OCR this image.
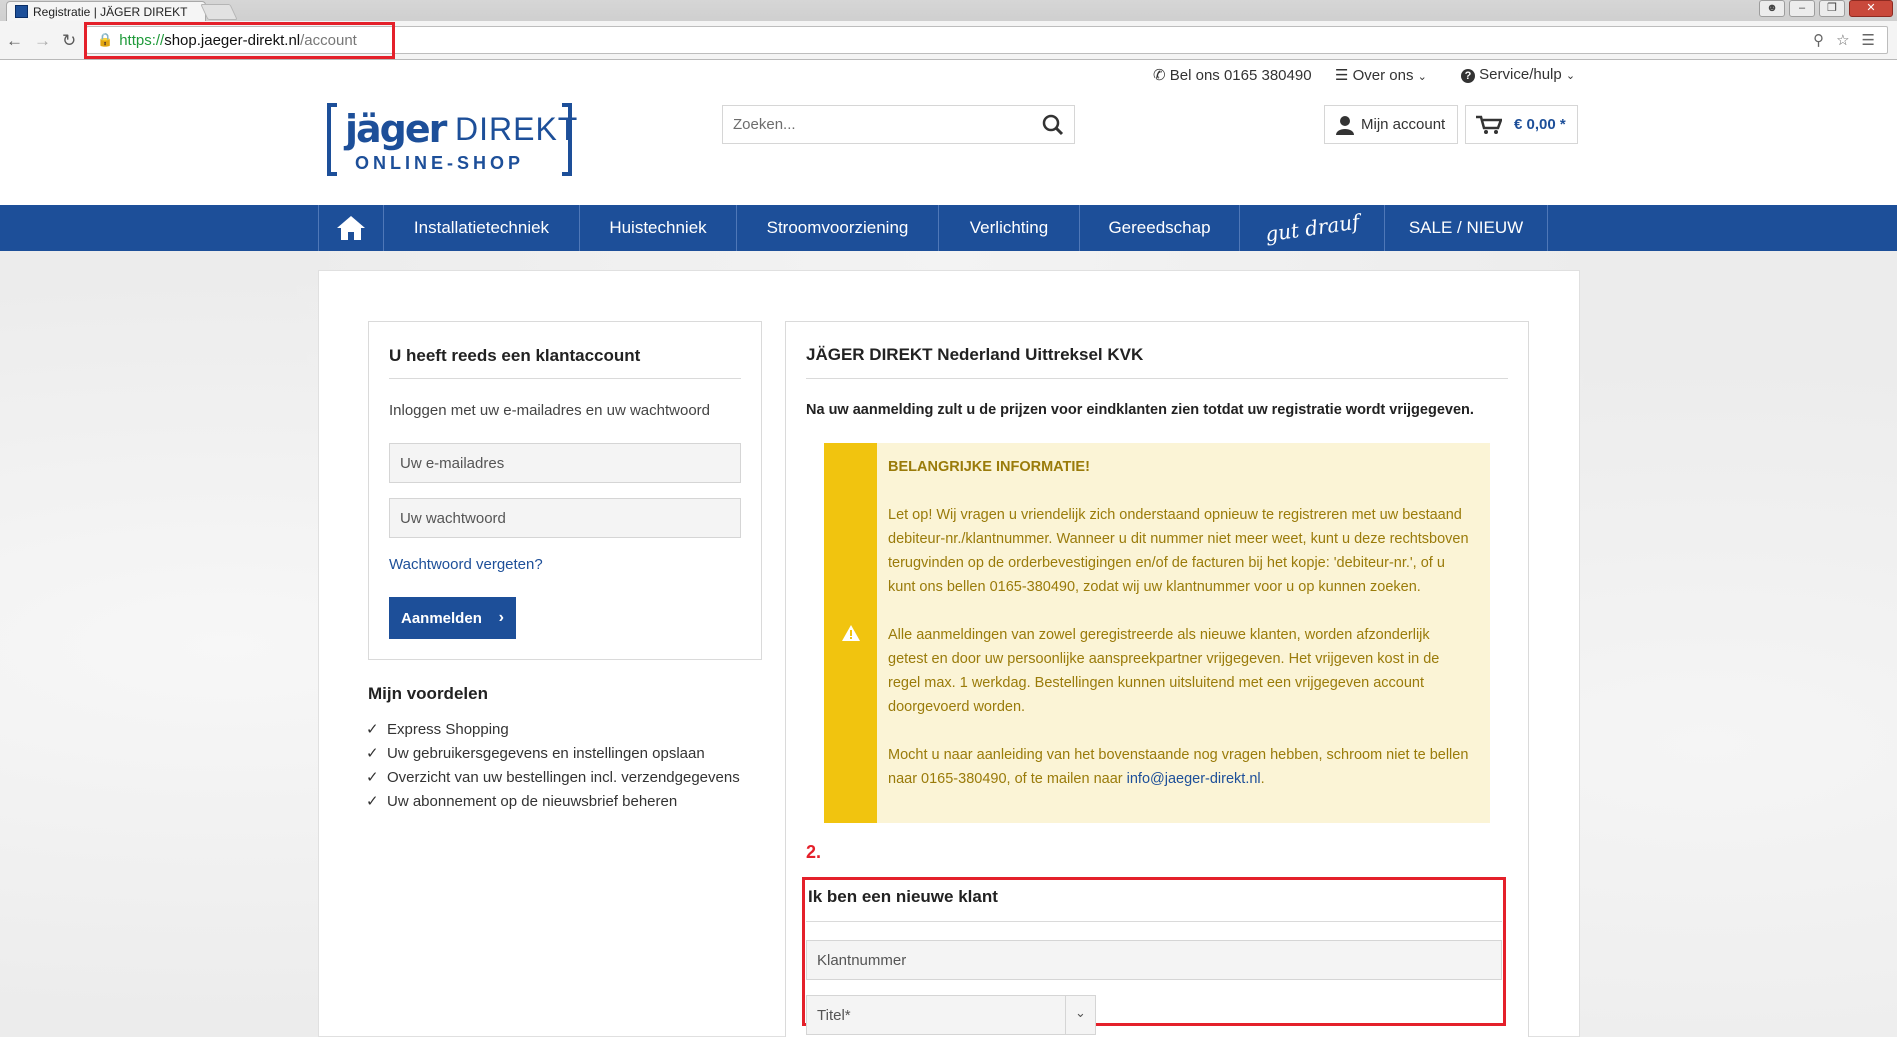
Registratie | JÄGER DIREKT	☻	–	❐	✕
← → ↻ 🔒 https:// shop.jaeger-direkt.nl /account	⚲ ☆ ☰
jäger DIREKT
ONLINE-SHOP
✆ Bel ons 0165 380490 ☰ Over ons ⌄	? Service/hulp ⌄
Zoeken...
Mijn account	€ 0,00 *
Installatietechniek	Huistechniek	Stroomvoorziening	Verlichting	Gereedschap	gut drauf	SALE / NIEUW
U heeft reeds een klantaccount
Inloggen met uw e-mailadres en uw wachtwoord
Uw e-mailadres
Uw wachtwoord
Wachtwoord vergeten?
Aanmelden ›
Mijn voordelen
✓ Express Shopping
✓ Uw gebruikersgegevens en instellingen opslaan
✓ Overzicht van uw bestellingen incl. verzendgegevens
✓ Uw abonnement op de nieuwsbrief beheren
JÄGER DIREKT Nederland Uittreksel KVK
Na uw aanmelding zult u de prijzen voor eindklanten zien totdat uw registratie wordt vrijgegeven.

BELANGRIJKE INFORMATIE!

Let op! Wij vragen u vriendelijk zich onderstaand opnieuw te registreren met uw bestaand debiteur-nr./klantnummer. Wanneer u dit nummer niet meer weet, kunt u deze rechtsboven terugvinden op de orderbevestigingen en/of de facturen bij het kopje: 'debiteur-nr.', of u kunt ons bellen 0165-380490, zodat wij uw klantnummer voor u op kunnen zoeken.

Alle aanmeldingen van zowel geregistreerde als nieuwe klanten, worden afzonderlijk getest en door uw persoonlijke aanspreekpartner vrijgegeven. Het vrijgeven kost in de regel max. 1 werkdag. Bestellingen kunnen uitsluitend met een vrijgegeven account doorgevoerd worden.

Mocht u naar aanleiding van het bovenstaande nog vragen hebben, schroom niet te bellen naar 0165-380490, of te mailen naar info@jaeger-direkt.nl.

2.
Ik ben een nieuwe klant
Klantnummer
Titel*	⌄
